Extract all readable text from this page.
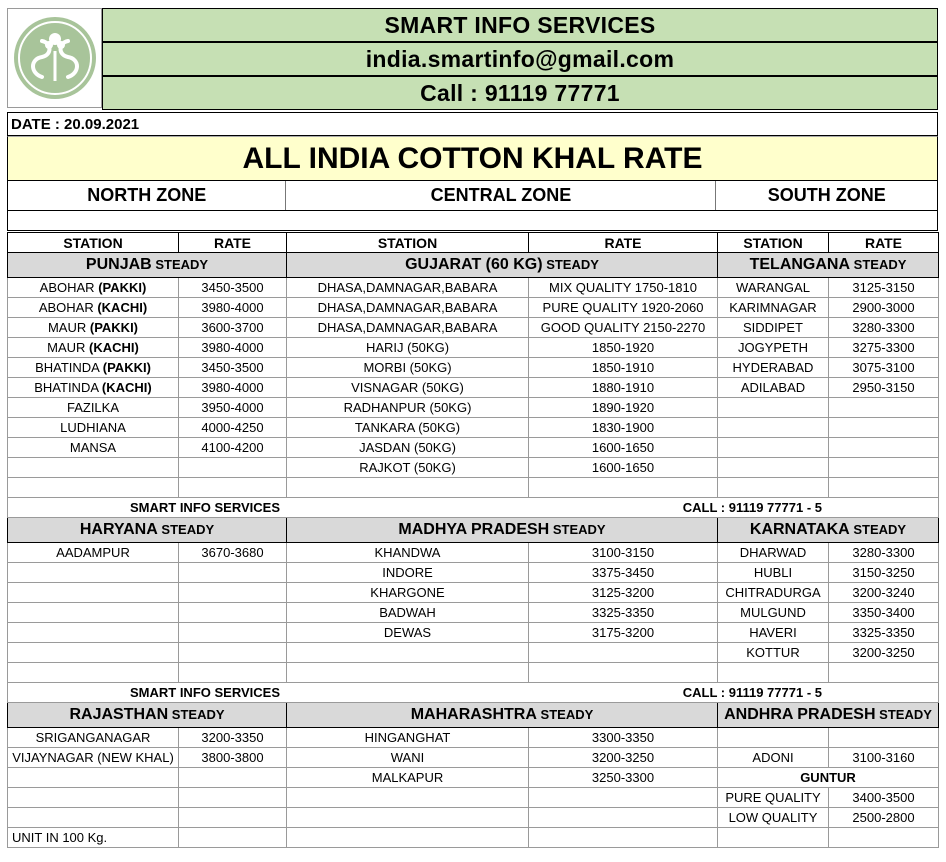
SMART INFO SERVICES
india.smartinfo@gmail.com
Call : 91119 77771
DATE : 20.09.2021
ALL INDIA COTTON KHAL RATE
NORTH ZONE	CENTRAL ZONE	SOUTH ZONE
STATION	RATE	STATION	RATE	STATION	RATE
PUNJAB STEADY		GUJARAT (60 KG) STEADY		TELANGANA STEADY	
ABOHAR (PAKKI)	3450-3500	DHASA,DAMNAGAR,BABARA	MIX QUALITY 1750-1810	WARANGAL	3125-3150
ABOHAR (KACHI)	3980-4000	DHASA,DAMNAGAR,BABARA	PURE QUALITY 1920-2060	KARIMNAGAR	2900-3000
MAUR (PAKKI)	3600-3700	DHASA,DAMNAGAR,BABARA	GOOD QUALITY 2150-2270	SIDDIPET	3280-3300
MAUR (KACHI)	3980-4000	HARIJ (50KG)	1850-1920	JOGYPETH	3275-3300
BHATINDA (PAKKI)	3450-3500	MORBI (50KG)	1850-1910	HYDERABAD	3075-3100
BHATINDA (KACHI)	3980-4000	VISNAGAR (50KG)	1880-1910	ADILABAD	2950-3150
FAZILKA	3950-4000	RADHANPUR (50KG)	1890-1920		
LUDHIANA	4000-4250	TANKARA (50KG)	1830-1900		
MANSA	4100-4200	JASDAN (50KG)	1600-1650		
		RAJKOT (50KG)	1600-1650		

SMART INFO SERVICES			CALL : 91119 77771 - 5		
HARYANA STEADY		MADHYA PRADESH STEADY		KARNATAKA STEADY	
AADAMPUR	3670-3680	KHANDWA	3100-3150	DHARWAD	3280-3300
		INDORE	3375-3450	HUBLI	3150-3250
		KHARGONE	3125-3200	CHITRADURGA	3200-3240
		BADWAH	3325-3350	MULGUND	3350-3400
		DEWAS	3175-3200	HAVERI	3325-3350
				KOTTUR	3200-3250

SMART INFO SERVICES			CALL : 91119 77771 - 5		
RAJASTHAN STEADY		MAHARASHTRA STEADY		ANDHRA PRADESH STEADY	
SRIGANGANAGAR	3200-3350	HINGANGHAT	3300-3350		
VIJAYNAGAR (NEW KHAL)	3800-3800	WANI	3200-3250	ADONI	3100-3160
		MALKAPUR	3250-3300	GUNTUR	
				PURE QUALITY	3400-3500
				LOW QUALITY	2500-2800
UNIT IN 100 Kg.					
